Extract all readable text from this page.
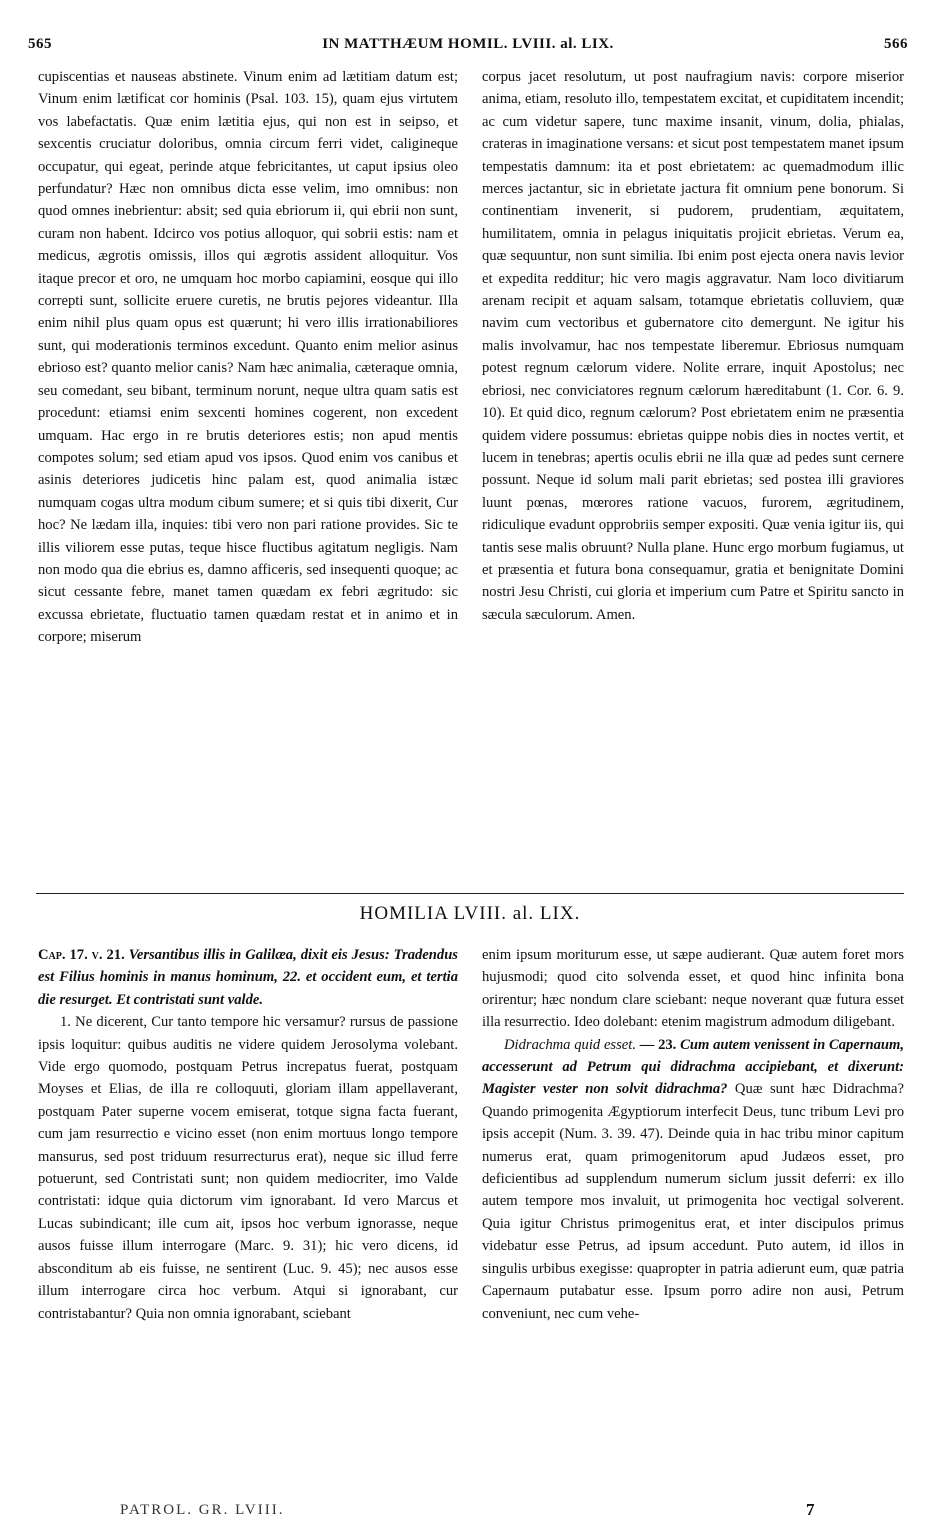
565	IN MATTHÆUM HOMIL. LVIII. al. LIX.	566

cupiscentias et nauseas abstinete. Vinum enim ad lætitiam datum est; Vinum enim lætificat cor hominis (Psal. 103. 15), quam ejus virtutem vos labefactatis. Quæ enim lætitia ejus, qui non est in seipso, et sexcentis cruciatur doloribus, omnia circum ferri videt, caligineque occupatur, qui egeat, perinde atque febricitantes, ut caput ipsius oleo perfundatur? Hæc non omnibus dicta esse velim, imo omnibus: non quod omnes inebrientur: absit; sed quia ebriorum ii, qui ebrii non sunt, curam non habent. Idcirco vos potius alloquor, qui sobrii estis: nam et medicus, ægrotis omissis, illos qui ægrotis assident alloquitur. Vos itaque precor et oro, ne umquam hoc morbo capiamini, eosque qui illo correpti sunt, sollicite eruere curetis, ne brutis pejores videantur. Illa enim nihil plus quam opus est quærunt; hi vero illis irrationabiliores sunt, qui moderationis terminos excedunt. Quanto enim melior asinus ebrioso est? quanto melior canis? Nam hæc animalia, cæteraque omnia, seu comedant, seu bibant, terminum norunt, neque ultra quam satis est procedunt: etiamsi enim sexcenti homines cogerent, non excedent umquam. Hac ergo in re brutis deteriores estis; non apud mentis compotes solum; sed etiam apud vos ipsos. Quod enim vos canibus et asinis deteriores judicetis hinc palam est, quod animalia istæc numquam cogas ultra modum cibum sumere; et si quis tibi dixerit, Cur hoc? Ne lædam illa, inquies: tibi vero non pari ratione provides. Sic te illis viliorem esse putas, teque hisce fluctibus agitatum negligis. Nam non modo qua die ebrius es, damno afficeris, sed insequenti quoque; ac sicut cessante febre, manet tamen quædam ex febri ægritudo: sic excussa ebrietate, fluctuatio tamen quædam restat et in animo et in corpore; miserum

corpus jacet resolutum, ut post naufragium navis: corpore miserior anima, etiam, resoluto illo, tempestatem excitat, et cupiditatem incendit; ac cum videtur sapere, tunc maxime insanit, vinum, dolia, phialas, crateras in imaginatione versans: et sicut post tempestatem manet ipsum tempestatis damnum: ita et post ebrietatem: ac quemadmodum illic merces jactantur, sic in ebrietate jactura fit omnium pene bonorum. Si continentiam invenerit, si pudorem, prudentiam, æquitatem, humilitatem, omnia in pelagus iniquitatis projicit ebrietas. Verum ea, quæ sequuntur, non sunt similia. Ibi enim post ejecta onera navis levior et expedita redditur; hic vero magis aggravatur. Nam loco divitiarum arenam recipit et aquam salsam, totamque ebrietatis colluviem, quæ navim cum vectoribus et gubernatore cito demergunt. Ne igitur his malis involvamur, hac nos tempestate liberemur. Ebriosus numquam potest regnum cælorum videre. Nolite errare, inquit Apostolus; nec ebriosi, nec conviciatores regnum cælorum hæreditabunt (1. Cor. 6. 9. 10). Et quid dico, regnum cælorum? Post ebrietatem enim ne præsentia quidem videre possumus: ebrietas quippe nobis dies in noctes vertit, et lucem in tenebras; apertis oculis ebrii ne illa quæ ad pedes sunt cernere possunt. Neque id solum mali parit ebrietas; sed postea illi graviores luunt pœnas, mœrores ratione vacuos, furorem, ægritudinem, ridiculique evadunt opprobriis semper expositi. Quæ venia igitur iis, qui tantis sese malis obruunt? Nulla plane. Hunc ergo morbum fugiamus, ut et præsentia et futura bona consequamur, gratia et benignitate Domini nostri Jesu Christi, cui gloria et imperium cum Patre et Spiritu sancto in sæcula sæculorum. Amen.

HOMILIA LVIII. al. LIX.

Cap. 17. v. 21. Versantibus illis in Galilæa, dixit eis Jesus: Tradendus est Filius hominis in manus hominum, 22. et occident eum, et tertia die resurget. Et contristati sunt valde.

1. Ne dicerent, Cur tanto tempore hic versamur? rursus de passione ipsis loquitur: quibus auditis ne videre quidem Jerosolyma volebant. Vide ergo quomodo, postquam Petrus increpatus fuerat, postquam Moyses et Elias, de illa re colloquuti, gloriam illam appellaverant, postquam Pater superne vocem emiserat, totque signa facta fuerant, cum jam resurrectio e vicino esset (non enim mortuus longo tempore mansurus, sed post triduum resurrecturus erat), neque sic illud ferre potuerunt, sed Contristati sunt; non quidem mediocriter, imo Valde contristati: idque quia dictorum vim ignorabant. Id vero Marcus et Lucas subindicant; ille cum ait, ipsos hoc verbum ignorasse, neque ausos fuisse illum interrogare (Marc. 9. 31); hic vero dicens, id absconditum ab eis fuisse, ne sentirent (Luc. 9. 45); nec ausos esse illum interrogare circa hoc verbum. Atqui si ignorabant, cur contristabantur? Quia non omnia ignorabant, sciebant

enim ipsum moriturum esse, ut sæpe audierant. Quæ autem foret mors hujusmodi; quod cito solvenda esset, et quod hinc infinita bona orirentur; hæc nondum clare sciebant: neque noverant quæ futura esset illa resurrectio. Ideo dolebant: etenim magistrum admodum diligebant.

Didrachma quid esset. — 23. Cum autem venissent in Capernaum, accesserunt ad Petrum qui didrachma accipiebant, et dixerunt: Magister vester non solvit didrachma? Quæ sunt hæc Didrachma? Quando primogenita Ægyptiorum interfecit Deus, tunc tribum Levi pro ipsis accepit (Num. 3. 39. 47). Deinde quia in hac tribu minor capitum numerus erat, quam primogenitorum apud Judæos esset, pro deficientibus ad supplendum numerum siclum jussit deferri: ex illo autem tempore mos invaluit, ut primogenita hoc vectigal solverent. Quia igitur Christus primogenitus erat, et inter discipulos primus videbatur esse Petrus, ad ipsum accedunt. Puto autem, id illos in singulis urbibus exegisse: quapropter in patria adierunt eum, quæ patria Capernaum putabatur esse. Ipsum porro adire non ausi, Petrum conveniunt, nec cum vehe-

PATROL. GR. LVIII.	7
